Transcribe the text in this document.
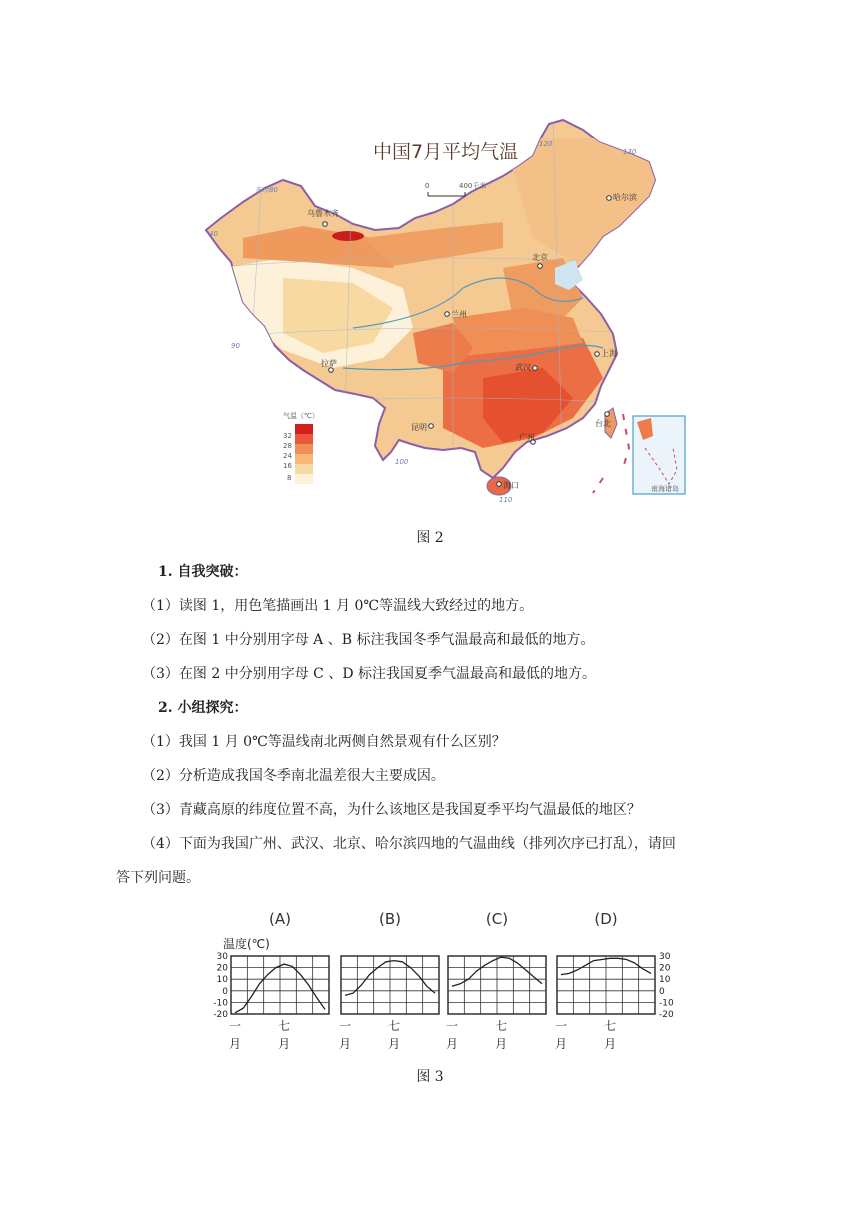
中国7月平均气温
0	400千米
东经80
40
90
100
110
120
130
乌鲁木齐
哈尔滨
北京
兰州
拉萨
上海
武汉
台北
昆明
广州
海口
气温（℃）
32
28
24
16
8
南海诸岛
图 2
1. 自我突破：
（1）读图 1，用色笔描画出 1 月 0℃等温线大致经过的地方。
（2）在图 1 中分别用字母 A 、B 标注我国冬季气温最高和最低的地方。
（3）在图 2 中分别用字母 C 、D 标注我国夏季气温最高和最低的地方。
2. 小组探究：
（1）我国 1 月 0℃等温线南北两侧自然景观有什么区别？
（2）分析造成我国冬季南北温差很大主要成因。
（3）青藏高原的纬度位置不高，为什么该地区是我国夏季平均气温最低的地区？
（4）下面为我国广州、武汉、北京、哈尔滨四地的气温曲线（排列次序已打乱），请回
答下列问题。
温度(℃)
30	30
20	20
10	10
0	0
-10	-10
-20	-20
(A)
一
月
七
月
(B)
一
月
七
月
(C)
一
月
七
月
(D)
一
月
七
月
图 3
